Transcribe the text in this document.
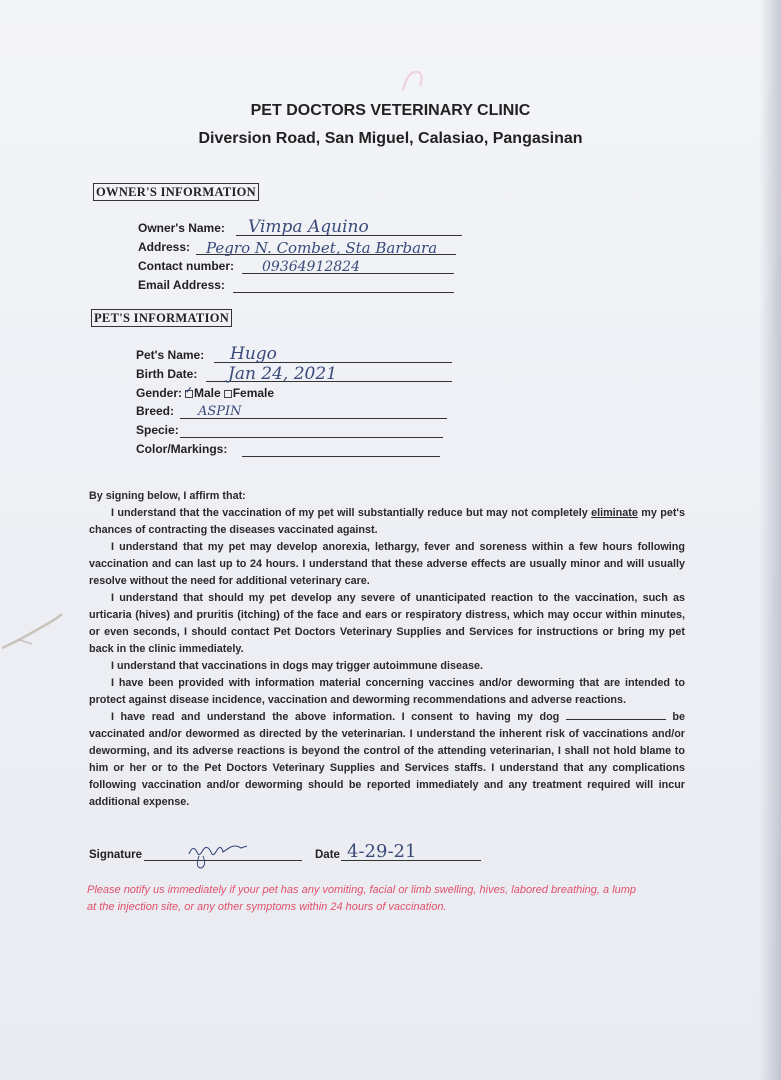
PET DOCTORS VETERINARY CLINIC
Diversion Road, San Miguel, Calasiao, Pangasinan
OWNER'S INFORMATION
Owner's Name: Vimpa Aquino
Address: Pegro N. Combet, Sta Barbara
Contact number: 09364912824
Email Address:
PET'S INFORMATION
Pet's Name: Hugo
Birth Date: Jan 24, 2021
Gender:✓ Male Female
Breed: ASPIN
Specie:
Color/Markings:

By signing below, I affirm that:

I understand that the vaccination of my pet will substantially reduce but may not completely eliminate my pet's chances of contracting the diseases vaccinated against.

I understand that my pet may develop anorexia, lethargy, fever and soreness within a few hours following vaccination and can last up to 24 hours. I understand that these adverse effects are usually minor and will usually resolve without the need for additional veterinary care.

I understand that should my pet develop any severe of unanticipated reaction to the vaccination, such as urticaria (hives) and pruritis (itching) of the face and ears or respiratory distress, which may occur within minutes, or even seconds, I should contact Pet Doctors Veterinary Supplies and Services for instructions or bring my pet back in the clinic immediately.

I understand that vaccinations in dogs may trigger autoimmune disease.

I have been provided with information material concerning vaccines and/or deworming that are intended to protect against disease incidence, vaccination and deworming recommendations and adverse reactions.

I have read and understand the above information. I consent to having my dog	be vaccinated and/or dewormed as directed by the veterinarian. I understand the inherent risk of vaccinations and/or deworming, and its adverse reactions is beyond the control of the attending veterinarian, I shall not hold blame to him or her or to the Pet Doctors Veterinary Supplies and Services staffs. I understand that any complications following vaccination and/or deworming should be reported immediately and any treatment required will incur additional expense.

Signature	Date 4-29-21
Please notify us immediately if your pet has any vomiting, facial or limb swelling, hives, labored breathing, a lump at the injection site, or any other symptoms within 24 hours of vaccination.
